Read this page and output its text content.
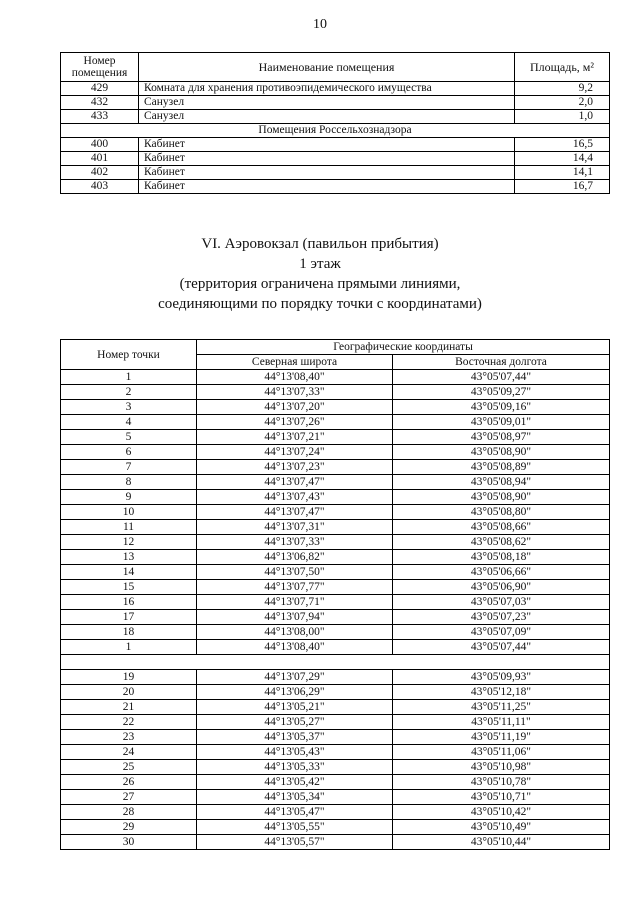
10
Номер
помещения	Наименование помещения	Площадь, м²
429	Комната для хранения противоэпидемического имущества	9,2
432	Санузел	2,0
433	Санузел	1,0
Помещения Россельхознадзора		
400	Кабинет	16,5
401	Кабинет	14,4
402	Кабинет	14,1
403	Кабинет	16,7
VI. Аэровокзал (павильон прибытия)
1 этаж
(территория ограничена прямыми линиями,
соединяющими по порядку точки с координатами)
Номер точки	Географические координаты	
	Северная широта	Восточная долгота
1	44°13'08,40"	43°05'07,44"
2	44°13'07,33"	43°05'09,27"
3	44°13'07,20"	43°05'09,16"
4	44°13'07,26"	43°05'09,01"
5	44°13'07,21"	43°05'08,97"
6	44°13'07,24"	43°05'08,90"
7	44°13'07,23"	43°05'08,89"
8	44°13'07,47"	43°05'08,94"
9	44°13'07,43"	43°05'08,90"
10	44°13'07,47"	43°05'08,80"
11	44°13'07,31"	43°05'08,66"
12	44°13'07,33"	43°05'08,62"
13	44°13'06,82"	43°05'08,18"
14	44°13'07,50"	43°05'06,66"
15	44°13'07,77"	43°05'06,90"
16	44°13'07,71"	43°05'07,03"
17	44°13'07,94"	43°05'07,23"
18	44°13'08,00"	43°05'07,09"
1	44°13'08,40"	43°05'07,44"

19	44°13'07,29"	43°05'09,93"
20	44°13'06,29"	43°05'12,18"
21	44°13'05,21"	43°05'11,25"
22	44°13'05,27"	43°05'11,11"
23	44°13'05,37"	43°05'11,19"
24	44°13'05,43"	43°05'11,06"
25	44°13'05,33"	43°05'10,98"
26	44°13'05,42"	43°05'10,78"
27	44°13'05,34"	43°05'10,71"
28	44°13'05,47"	43°05'10,42"
29	44°13'05,55"	43°05'10,49"
30	44°13'05,57"	43°05'10,44"
